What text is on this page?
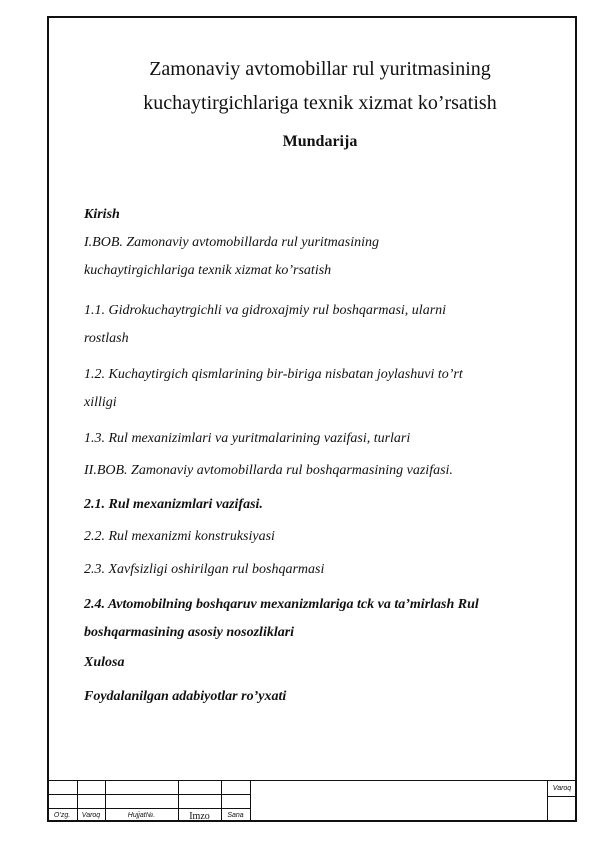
Zamonaviy avtomobillar rul yuritmasining
kuchaytirgichlariga texnik xizmat ko’rsatish
Mundarija
Kirish
I.BOB. Zamonaviy avtomobillarda rul yuritmasining
kuchaytirgichlariga texnik xizmat ko’rsatish
1.1. Gidrokuchaytrgichli va gidroxajmiy rul boshqarmasi, ularni
rostlash
1.2. Kuchaytirgich qismlarining bir-biriga nisbatan joylashuvi to’rt
xilligi
1.3. Rul mexanizimlari va yuritmalarining vazifasi, turlari
II.BOB. Zamonaviy avtomobillarda rul boshqarmasining vazifasi.
2.1. Rul mexanizmlari vazifasi.
2.2. Rul mexanizmi konstruksiyasi
2.3. Xavfsizligi oshirilgan rul boshqarmasi
2.4. Avtomobilning boshqaruv mexanizmlariga tck va ta’mirlash Rul
boshqarmasining asosiy nosozliklari
Xulosa
Foydalanilgan adabiyotlar ro’yxati
O’zg.	Varoq	Hujjat№.	Imzo	Sana
Varoq
